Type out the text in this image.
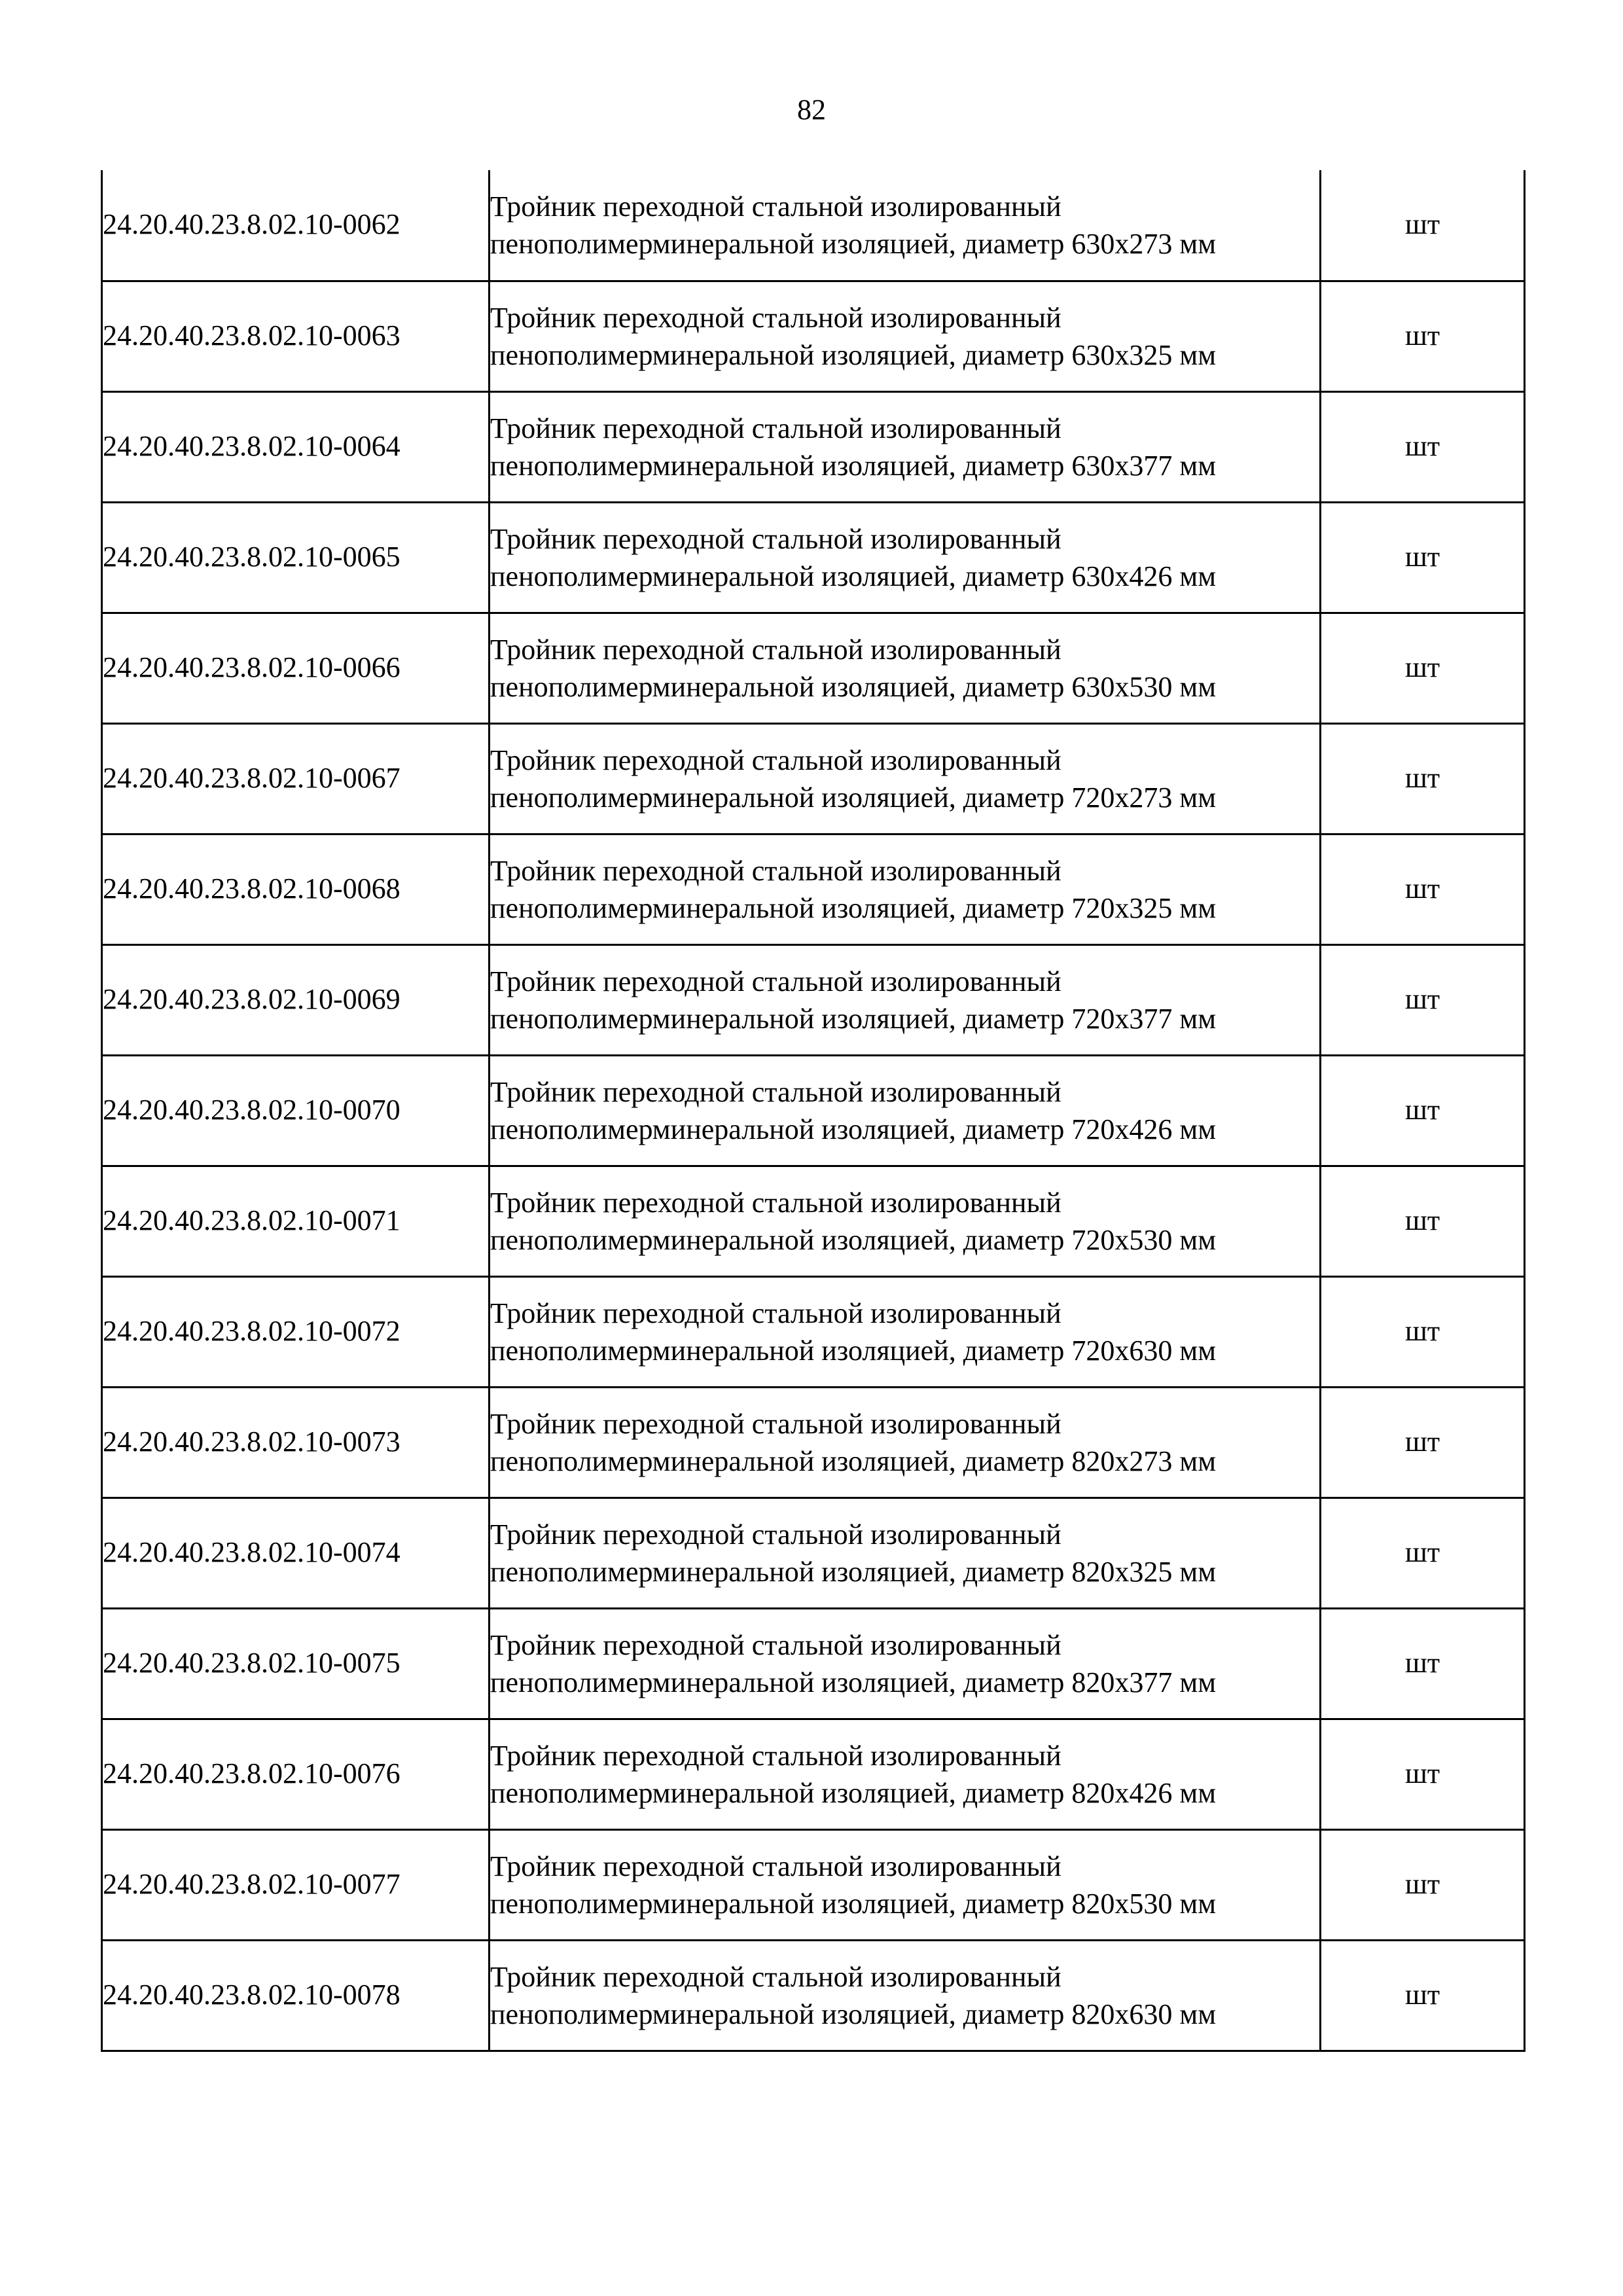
82
24.20.40.23.8.02.10-0062	Тройник переходной стальной изолированный пенополимерминеральной изоляцией, диаметр 630х273 мм	шт
24.20.40.23.8.02.10-0063	Тройник переходной стальной изолированный пенополимерминеральной изоляцией, диаметр 630х325 мм	шт
24.20.40.23.8.02.10-0064	Тройник переходной стальной изолированный пенополимерминеральной изоляцией, диаметр 630х377 мм	шт
24.20.40.23.8.02.10-0065	Тройник переходной стальной изолированный пенополимерминеральной изоляцией, диаметр 630х426 мм	шт
24.20.40.23.8.02.10-0066	Тройник переходной стальной изолированный пенополимерминеральной изоляцией, диаметр 630х530 мм	шт
24.20.40.23.8.02.10-0067	Тройник переходной стальной изолированный пенополимерминеральной изоляцией, диаметр 720х273 мм	шт
24.20.40.23.8.02.10-0068	Тройник переходной стальной изолированный пенополимерминеральной изоляцией, диаметр 720х325 мм	шт
24.20.40.23.8.02.10-0069	Тройник переходной стальной изолированный пенополимерминеральной изоляцией, диаметр 720х377 мм	шт
24.20.40.23.8.02.10-0070	Тройник переходной стальной изолированный пенополимерминеральной изоляцией, диаметр 720х426 мм	шт
24.20.40.23.8.02.10-0071	Тройник переходной стальной изолированный пенополимерминеральной изоляцией, диаметр 720х530 мм	шт
24.20.40.23.8.02.10-0072	Тройник переходной стальной изолированный пенополимерминеральной изоляцией, диаметр 720х630 мм	шт
24.20.40.23.8.02.10-0073	Тройник переходной стальной изолированный пенополимерминеральной изоляцией, диаметр 820х273 мм	шт
24.20.40.23.8.02.10-0074	Тройник переходной стальной изолированный пенополимерминеральной изоляцией, диаметр 820х325 мм	шт
24.20.40.23.8.02.10-0075	Тройник переходной стальной изолированный пенополимерминеральной изоляцией, диаметр 820х377 мм	шт
24.20.40.23.8.02.10-0076	Тройник переходной стальной изолированный пенополимерминеральной изоляцией, диаметр 820х426 мм	шт
24.20.40.23.8.02.10-0077	Тройник переходной стальной изолированный пенополимерминеральной изоляцией, диаметр 820х530 мм	шт
24.20.40.23.8.02.10-0078	Тройник переходной стальной изолированный пенополимерминеральной изоляцией, диаметр 820х630 мм	шт
